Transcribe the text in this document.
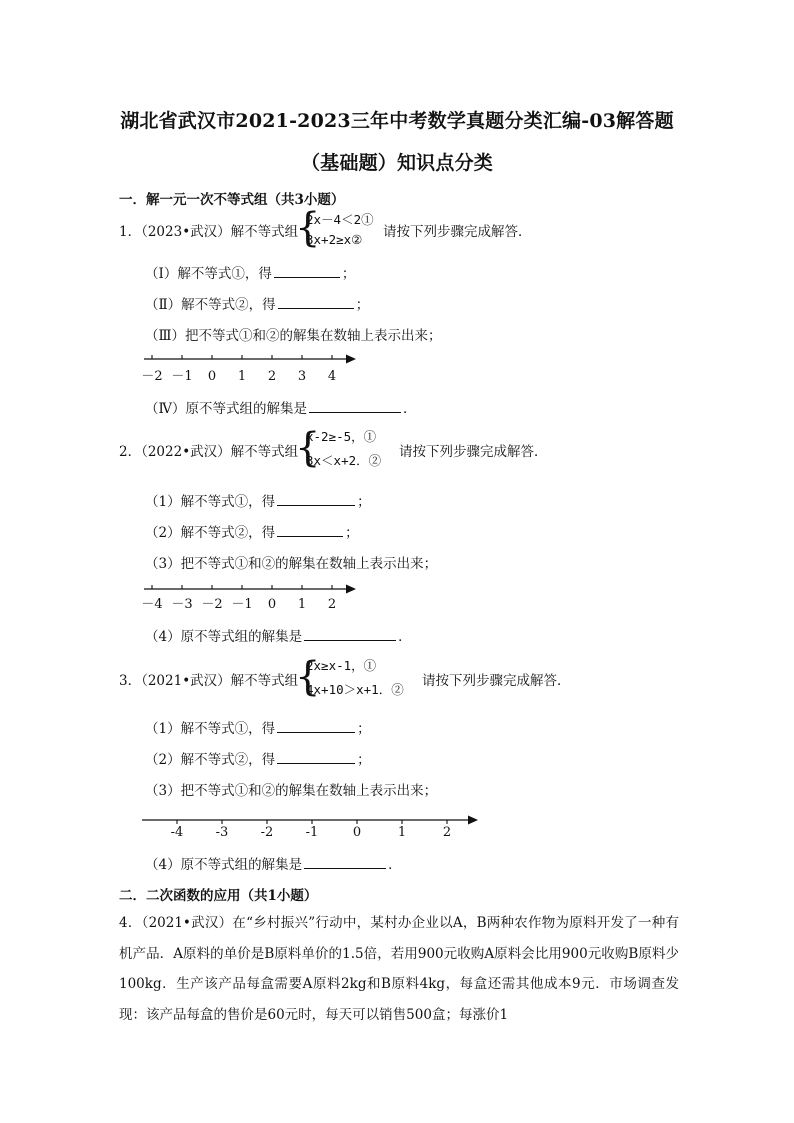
湖北省武汉市2021-2023三年中考数学真题分类汇编-03解答题
（基础题）知识点分类
一．解一元一次不等式组（共3小题）
1．（2023•武汉）解不等式组
{
2x－4＜2①
3x+2≥x② 请按下列步骤完成解答．
（Ⅰ）解不等式①，得	；
（Ⅱ）解不等式②，得	；
（Ⅲ）把不等式①和②的解集在数轴上表示出来；
－2 －1 0 1 2 3 4
（Ⅳ）原不等式组的解集是	．
2．（2022•武汉）解不等式组
{
x-2≥-5，①
3x＜x+2．②
请按下列步骤完成解答．
（1）解不等式①，得	；
（2）解不等式②，得	；
（3）把不等式①和②的解集在数轴上表示出来；
－4 －3 －2 －1 0 1 2
（4）原不等式组的解集是	．
3．（2021•武汉）解不等式组
{
2x≥x-1，①
4x+10＞x+1．②
请按下列步骤完成解答．
（1）解不等式①，得	；
（2）解不等式②，得	；
（3）把不等式①和②的解集在数轴上表示出来；
-4 -3 -2 -1	0	1	2
（4）原不等式组的解集是	．
二．二次函数的应用（共1小题）
4．（2021•武汉）在“乡村振兴”行动中，某村办企业以A，B两种农作物为原料开发了一种有机产品．A原料的单价是B原料单价的1.5倍，若用900元收购A原料会比用900元收购B原料少100kg．生产该产品每盒需要A原料2kg和B原料4kg，每盒还需其他成本9元．市场调查发现：该产品每盒的售价是60元时，每天可以销售500盒；每涨价1
